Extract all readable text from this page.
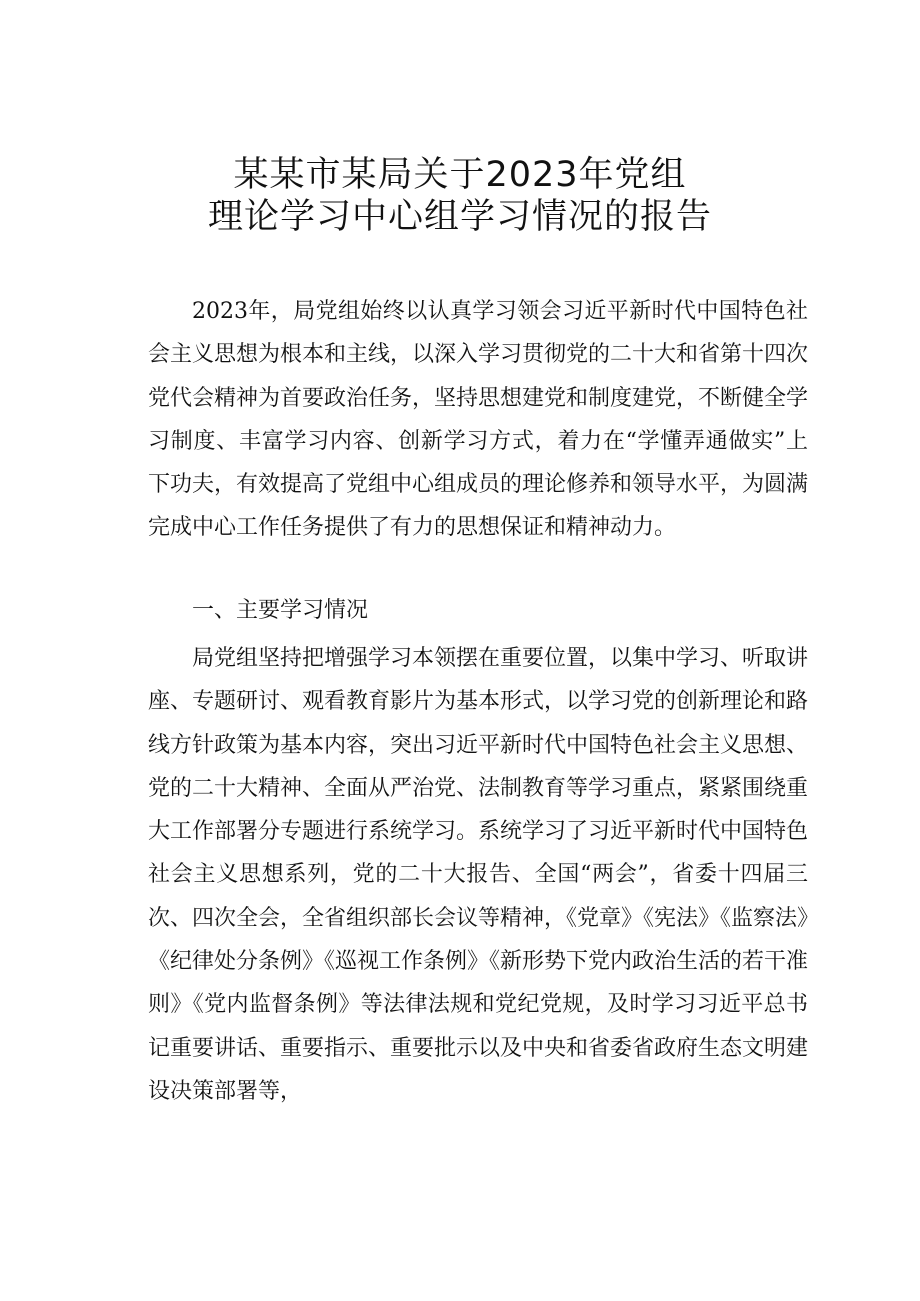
某某市某局关于2023年党组
理论学习中心组学习情况的报告

2023年，局党组始终以认真学习领会习近平新时代中国特色社会主义思想为根本和主线，以深入学习贯彻党的二十大和省第十四次党代会精神为首要政治任务，坚持思想建党和制度建党，不断健全学习制度、丰富学习内容、创新学习方式，着力在“学懂弄通做实”上下功夫，有效提高了党组中心组成员的理论修养和领导水平，为圆满完成中心工作任务提供了有力的思想保证和精神动力。

一、主要学习情况

局党组坚持把增强学习本领摆在重要位置，以集中学习、听取讲座、专题研讨、观看教育影片为基本形式，以学习党的创新理论和路线方针政策为基本内容，突出习近平新时代中国特色社会主义思想、党的二十大精神、全面从严治党、法制教育等学习重点，紧紧围绕重大工作部署分专题进行系统学习。系统学习了习近平新时代中国特色社会主义思想系列，党的二十大报告、全国“两会”，省委十四届三次、四次全会，全省组织部长会议等精神，《党章》《宪法》《监察法》《纪律处分条例》《巡视工作条例》《新形势下党内政治生活的若干准则》《党内监督条例》等法律法规和党纪党规，及时学习习近平总书记重要讲话、重要指示、重要批示以及中央和省委省政府生态文明建设决策部署等，
